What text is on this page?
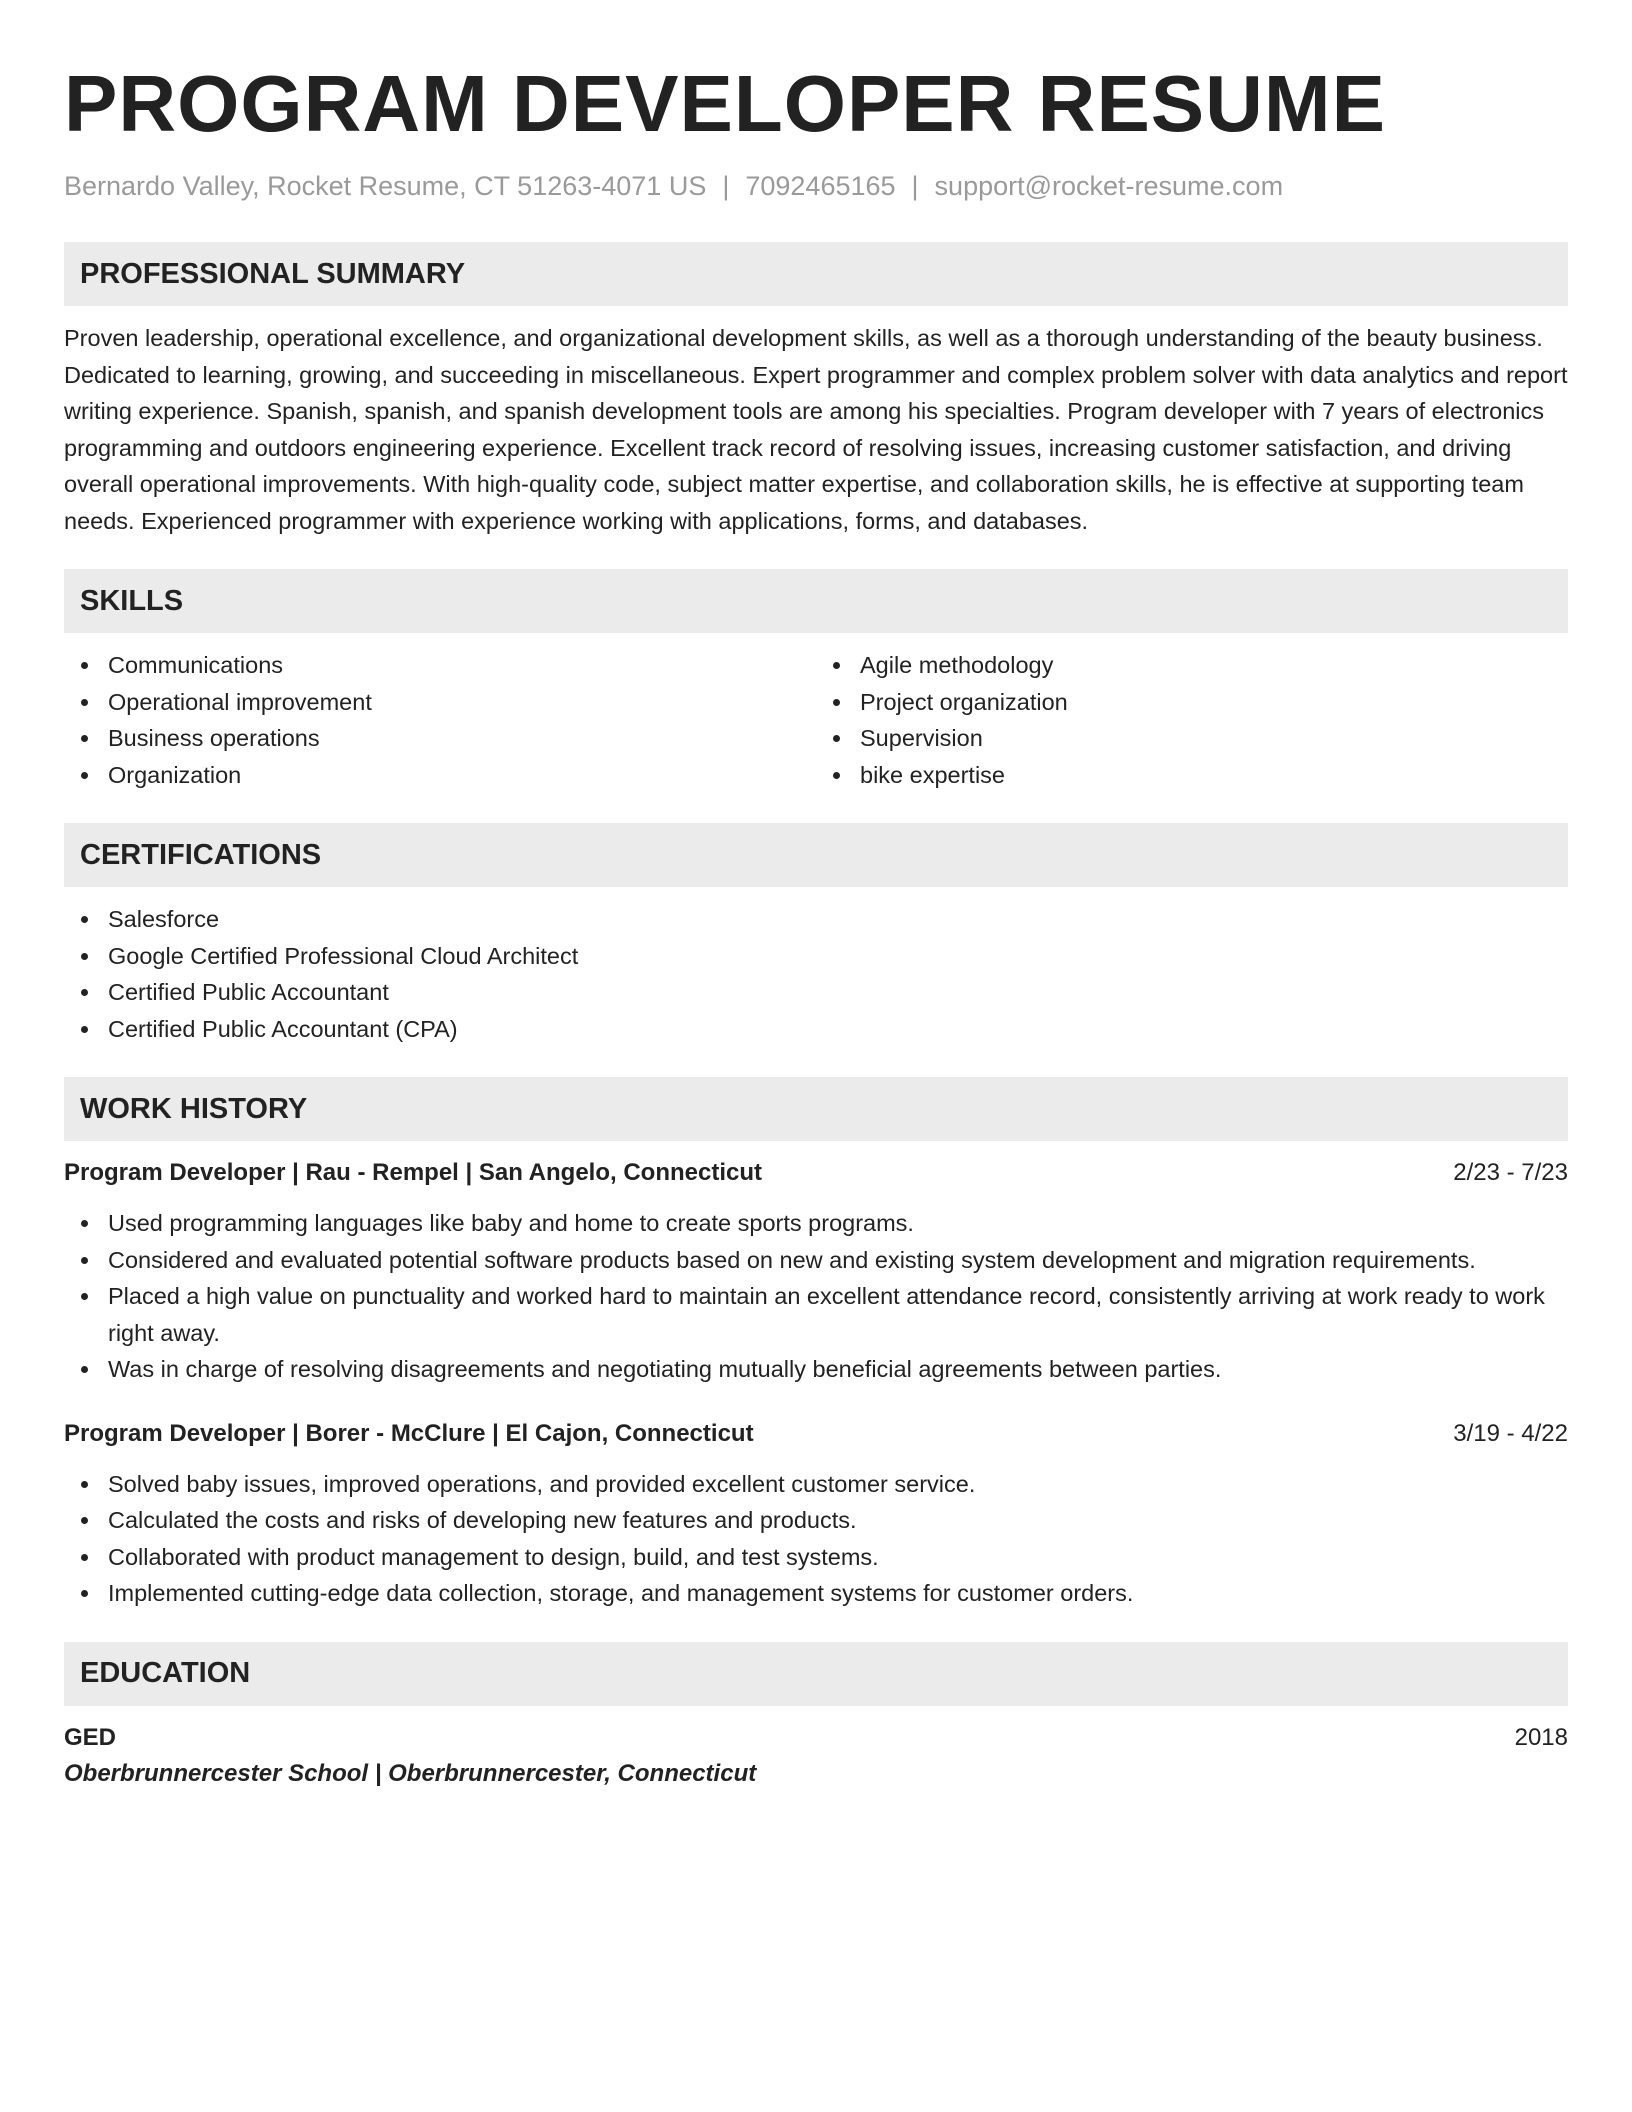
PROGRAM DEVELOPER RESUME
Bernardo Valley, Rocket Resume, CT 51263-4071 US | 7092465165 | support@rocket-resume.com
PROFESSIONAL SUMMARY

Proven leadership, operational excellence, and organizational development skills, as well as a thorough understanding of the beauty business. Dedicated to learning, growing, and succeeding in miscellaneous. Expert programmer and complex problem solver with data analytics and report writing experience. Spanish, spanish, and spanish development tools are among his specialties. Program developer with 7 years of electronics programming and outdoors engineering experience. Excellent track record of resolving issues, increasing customer satisfaction, and driving overall operational improvements. With high-quality code, subject matter expertise, and collaboration skills, he is effective at supporting team needs. Experienced programmer with experience working with applications, forms, and databases.

SKILLS
Communications
Operational improvement
Business operations
Organization
Agile methodology
Project organization
Supervision
bike expertise
CERTIFICATIONS
Salesforce
Google Certified Professional Cloud Architect
Certified Public Accountant
Certified Public Accountant (CPA)
WORK HISTORY
Program Developer | Rau - Rempel | San Angelo, Connecticut	2/23 - 7/23
Used programming languages like baby and home to create sports programs.
Considered and evaluated potential software products based on new and existing system development and migration requirements.
Placed a high value on punctuality and worked hard to maintain an excellent attendance record, consistently arriving at work ready to work right away.
Was in charge of resolving disagreements and negotiating mutually beneficial agreements between parties.
Program Developer | Borer - McClure | El Cajon, Connecticut	3/19 - 4/22
Solved baby issues, improved operations, and provided excellent customer service.
Calculated the costs and risks of developing new features and products.
Collaborated with product management to design, build, and test systems.
Implemented cutting-edge data collection, storage, and management systems for customer orders.
EDUCATION
GED	2018
Oberbrunnercester School | Oberbrunnercester, Connecticut
